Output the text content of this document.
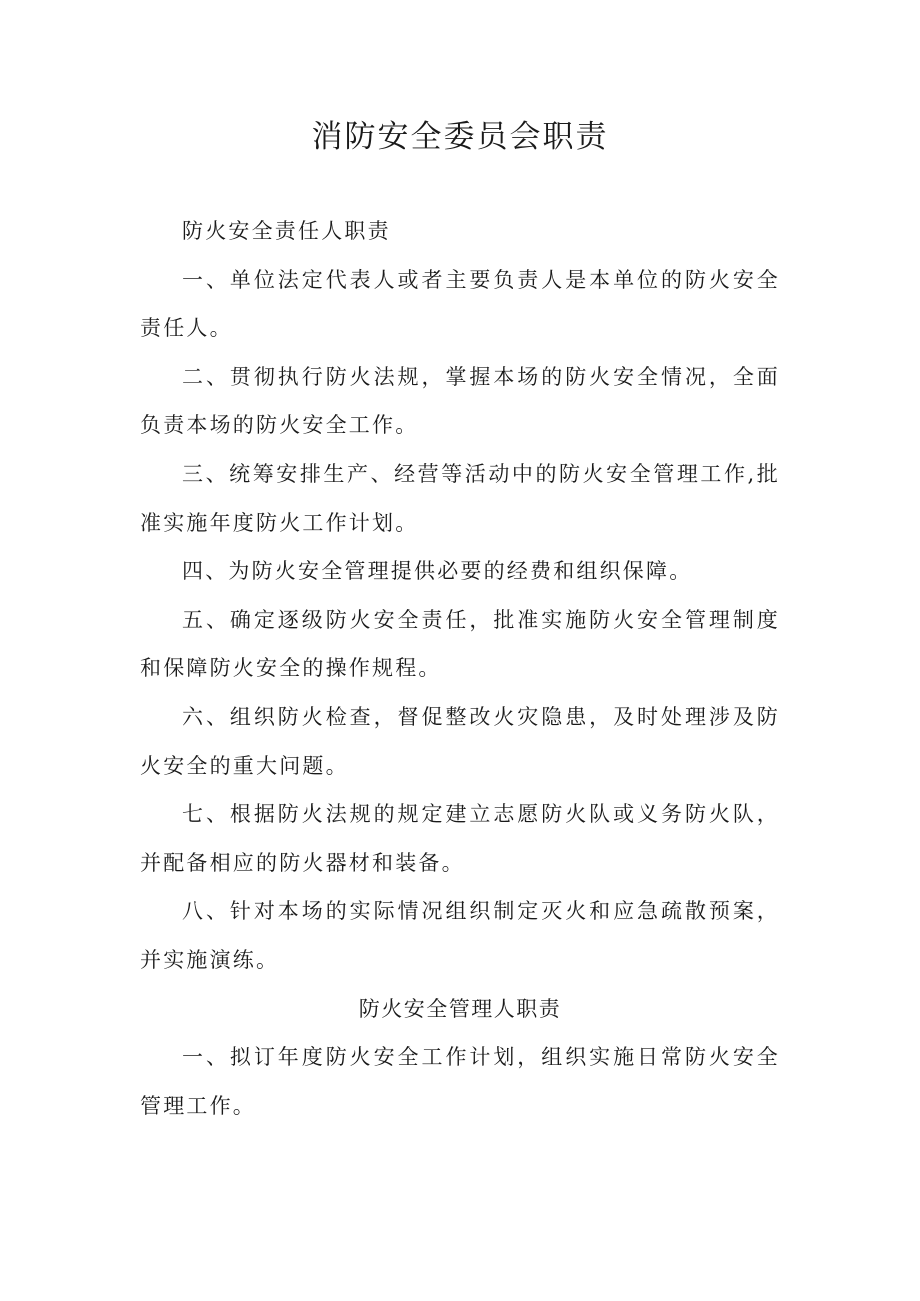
消防安全委员会职责

防火安全责任人职责

一、单位法定代表人或者主要负责人是本单位的防火安全责任人。

二、贯彻执行防火法规，掌握本场的防火安全情况，全面负责本场的防火安全工作。

三、统筹安排生产、经营等活动中的防火安全管理工作,批准实施年度防火工作计划。

四、为防火安全管理提供必要的经费和组织保障。

五、确定逐级防火安全责任，批准实施防火安全管理制度和保障防火安全的操作规程。

六、组织防火检查，督促整改火灾隐患，及时处理涉及防火安全的重大问题。

七、根据防火法规的规定建立志愿防火队或义务防火队，并配备相应的防火器材和装备。

八、针对本场的实际情况组织制定灭火和应急疏散预案，并实施演练。

防火安全管理人职责

一、拟订年度防火安全工作计划，组织实施日常防火安全管理工作。
